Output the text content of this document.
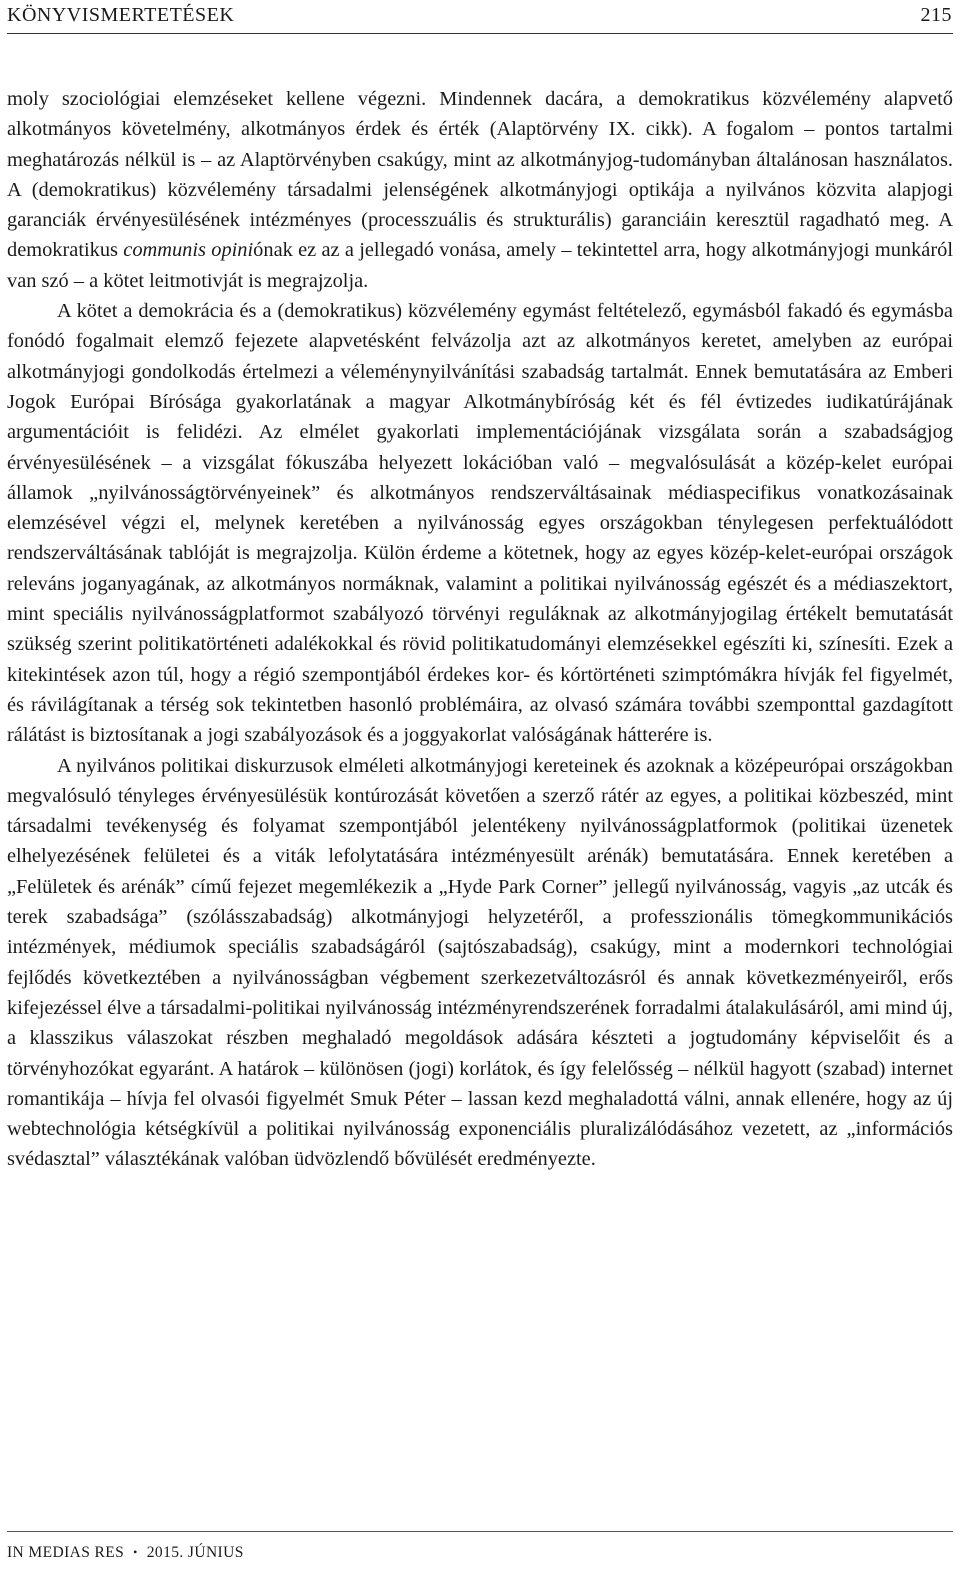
KÖNYVISMERTETÉSEK	215

moly szociológiai elemzéseket kellene végezni. Mindennek dacára, a demokratikus közvélemény alapvető alkotmányos követelmény, alkotmányos érdek és érték (Alaptörvény IX. cikk). A fogalom – pontos tartalmi meghatározás nélkül is – az Alaptörvényben csakúgy, mint az alkotmányjog-tudományban általánosan használatos. A (demokratikus) közvélemény társadalmi jelenségének alkotmányjogi optikája a nyilvános közvita alapjogi garanciák érvényesülésének intézményes (processzuális és strukturális) garanciáin keresztül ragadható meg. A demokratikus communis opiniónak ez az a jellegadó vonása, amely – tekintettel arra, hogy alkotmányjogi munkáról van szó – a kötet leitmotivját is megrajzolja.

A kötet a demokrácia és a (demokratikus) közvélemény egymást feltételező, egymásból fakadó és egymásba fonódó fogalmait elemző fejezete alapvetésként felvázolja azt az alkotmányos keretet, amelyben az európai alkotmányjogi gondolkodás értelmezi a véleménynyilvánítási szabadság tartalmát. Ennek bemutatására az Emberi Jogok Európai Bírósága gyakorlatának a magyar Alkotmánybíróság két és fél évtizedes iudikatúrájának argumentációit is felidézi. Az elmélet gyakorlati implementációjának vizsgálata során a szabadságjog érvényesülésének – a vizsgálat fókuszába helyezett lokációban való – megvalósulását a közép-kelet európai államok „nyilvánosságtörvényeinek” és alkotmányos rendszerváltásainak médiaspecifikus vonatkozásainak elemzésével végzi el, melynek keretében a nyilvánosság egyes országokban ténylegesen perfektuálódott rendszerváltásának tablóját is megrajzolja. Külön érdeme a kötetnek, hogy az egyes közép-kelet-európai országok releváns joganyagának, az alkotmányos normáknak, valamint a politikai nyilvánosság egészét és a médiaszektort, mint speciális nyilvánosságplatformot szabályozó törvényi reguláknak az alkotmányjogilag értékelt bemutatását szükség szerint politikatörténeti adalékokkal és rövid politikatudományi elemzésekkel egészíti ki, színesíti. Ezek a kitekintések azon túl, hogy a régió szempontjából érdekes kor- és kórtörténeti szimptómákra hívják fel figyelmét, és rávilágítanak a térség sok tekintetben hasonló problémáira, az olvasó számára további szemponttal gazdagított rálátást is biztosítanak a jogi szabályozások és a joggyakorlat valóságának hátterére is.

A nyilvános politikai diskurzusok elméleti alkotmányjogi kereteinek és azoknak a középeurópai országokban megvalósuló tényleges érvényesülésük kontúrozását követően a szerző rátér az egyes, a politikai közbeszéd, mint társadalmi tevékenység és folyamat szempontjából jelentékeny nyilvánosságplatformok (politikai üzenetek elhelyezésének felületei és a viták lefolytatására intézményesült arénák) bemutatására. Ennek keretében a „Felületek és arénák” című fejezet megemlékezik a „Hyde Park Corner” jellegű nyilvánosság, vagyis „az utcák és terek szabadsága” (szólásszabadság) alkotmányjogi helyzetéről, a professzionális tömegkommunikációs intézmények, médiumok speciális szabadságáról (sajtószabadság), csakúgy, mint a modernkori technológiai fejlődés következtében a nyilvánosságban végbement szerkezetváltozásról és annak következményeiről, erős kifejezéssel élve a társadalmi-politikai nyilvánosság intézményrendszerének forradalmi átalakulásáról, ami mind új, a klasszikus válaszokat részben meghaladó megoldások adására készteti a jogtudomány képviselőit és a törvényhozókat egyaránt. A határok – különösen (jogi) korlátok, és így felelősség – nélkül hagyott (szabad) internet romantikája – hívja fel olvasói figyelmét Smuk Péter – lassan kezd meghaladottá válni, annak ellenére, hogy az új webtechnológia kétségkívül a politikai nyilvánosság exponenciális pluralizálódásához vezetett, az „információs svédasztal” választékának valóban üdvözlendő bővülését eredményezte.

IN MEDIAS RES • 2015. JÚNIUS
